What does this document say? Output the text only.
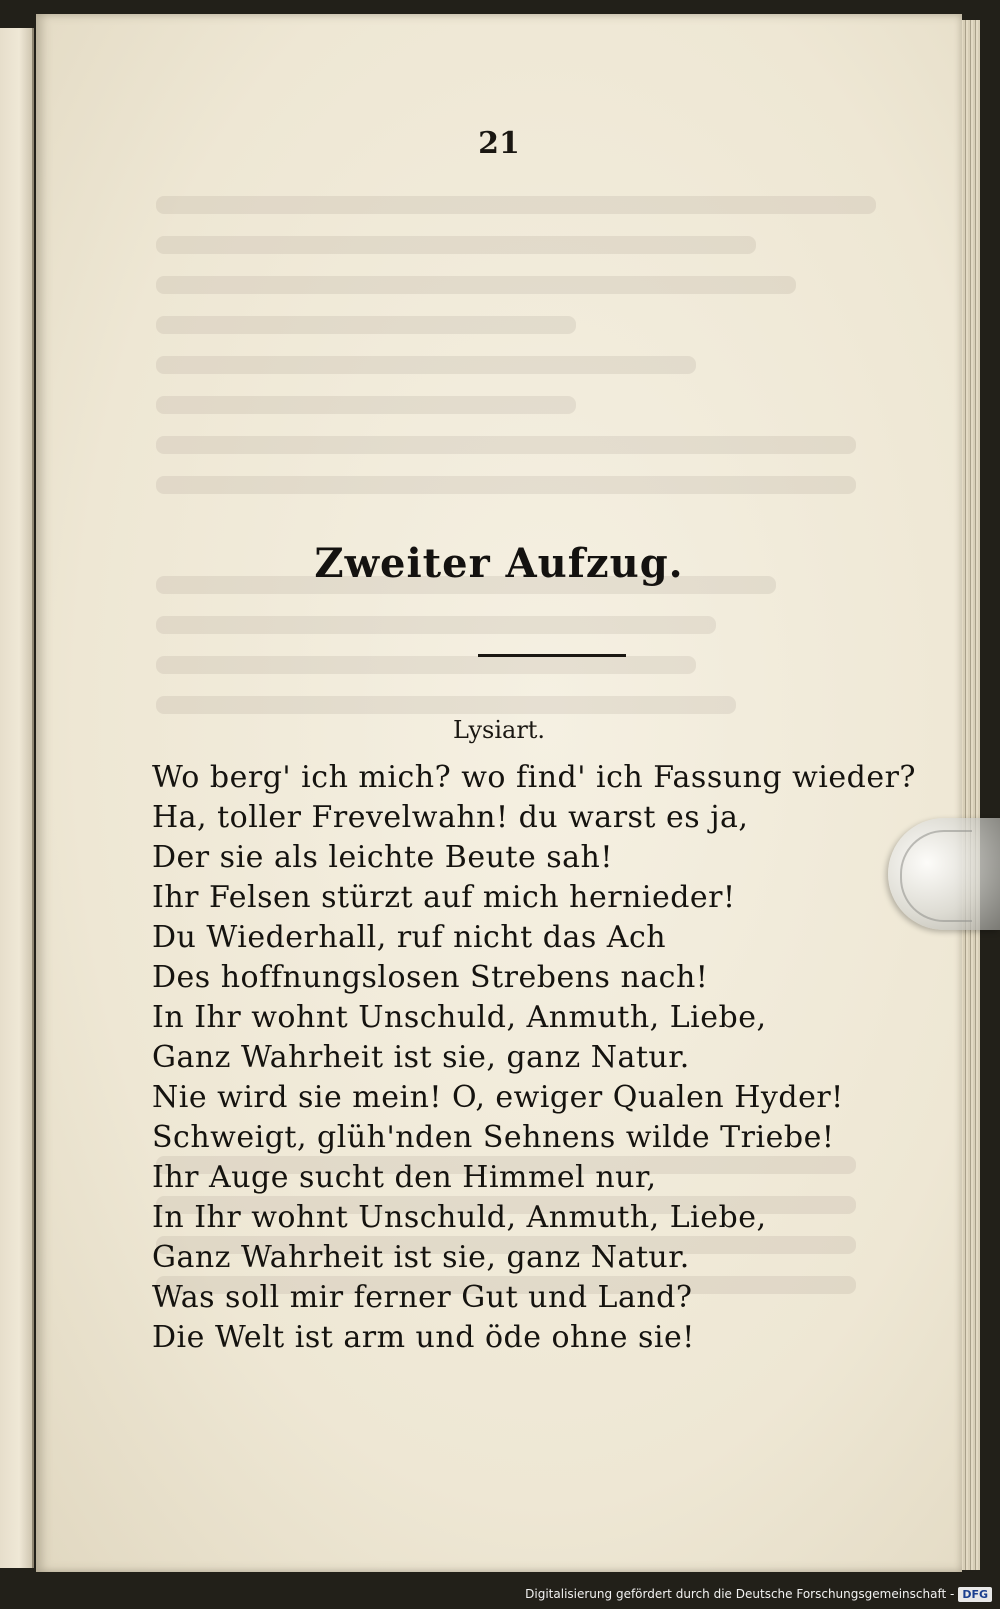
21
Zweiter Aufzug.
Lysiart.
Wo berg' ich mich? wo find' ich Fassung wieder?
Ha, toller Frevelwahn! du warst es ja,
Der sie als leichte Beute sah!
Ihr Felsen stürzt auf mich hernieder!
Du Wiederhall, ruf nicht das Ach
Des hoffnungslosen Strebens nach!
In Ihr wohnt Unschuld, Anmuth, Liebe,
Ganz Wahrheit ist sie, ganz Natur.
Nie wird sie mein! O, ewiger Qualen Hyder!
Schweigt, glüh'nden Sehnens wilde Triebe!
Ihr Auge sucht den Himmel nur,
In Ihr wohnt Unschuld, Anmuth, Liebe,
Ganz Wahrheit ist sie, ganz Natur.
Was soll mir ferner Gut und Land?
Die Welt ist arm und öde ohne sie!
Digitalisierung gefördert durch die Deutsche Forschungsgemeinschaft - DFG
